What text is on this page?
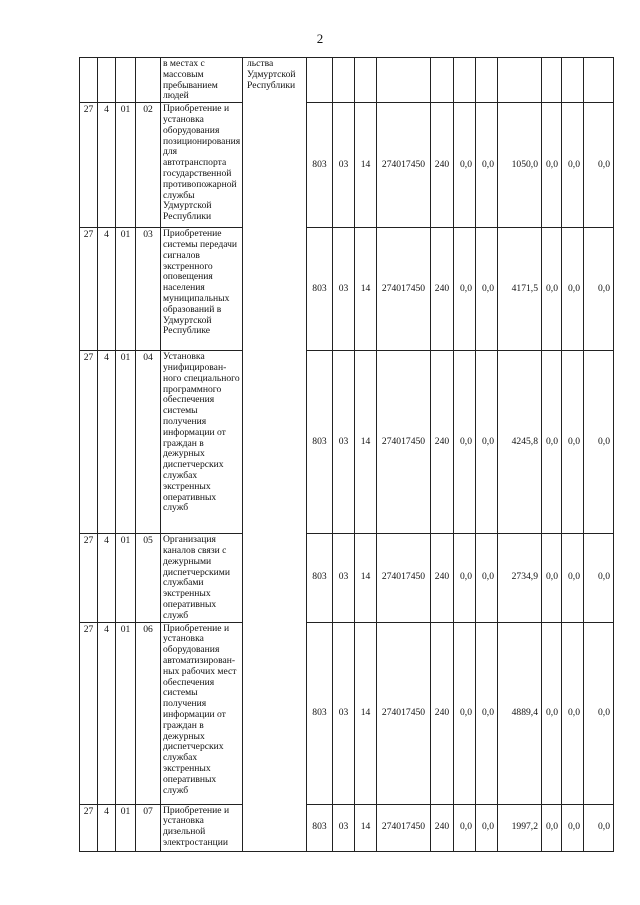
2
				в местах с массовым пребыванием людей	льства Удмуртской Республики											
27	4	01	02	Приобретение и установка оборудования позиционирования для автотранспорта государственной противопожарной службы Удмуртской Республики		803	03	14	274017450	240	0,0	0,0	1050,0	0,0	0,0	0,0
27	4	01	03	Приобретение системы передачи сигналов экстренного оповещения населения муниципальных образований в Удмуртской Республике		803	03	14	274017450	240	0,0	0,0	4171,5	0,0	0,0	0,0
27	4	01	04	Установка унифицирован-ного специального программного обеспечения системы получения информации от граждан в дежурных диспетчерских службах экстренных оперативных служб		803	03	14	274017450	240	0,0	0,0	4245,8	0,0	0,0	0,0
27	4	01	05	Организация каналов связи с дежурными диспетчерскими службами экстренных оперативных служб		803	03	14	274017450	240	0,0	0,0	2734,9	0,0	0,0	0,0
27	4	01	06	Приобретение и установка оборудования автоматизирован-ных рабочих мест обеспечения системы получения информации от граждан в дежурных диспетчерских службах экстренных оперативных служб		803	03	14	274017450	240	0,0	0,0	4889,4	0,0	0,0	0,0
27	4	01	07	Приобретение и установка дизельной электростанции		803	03	14	274017450	240	0,0	0,0	1997,2	0,0	0,0	0,0
